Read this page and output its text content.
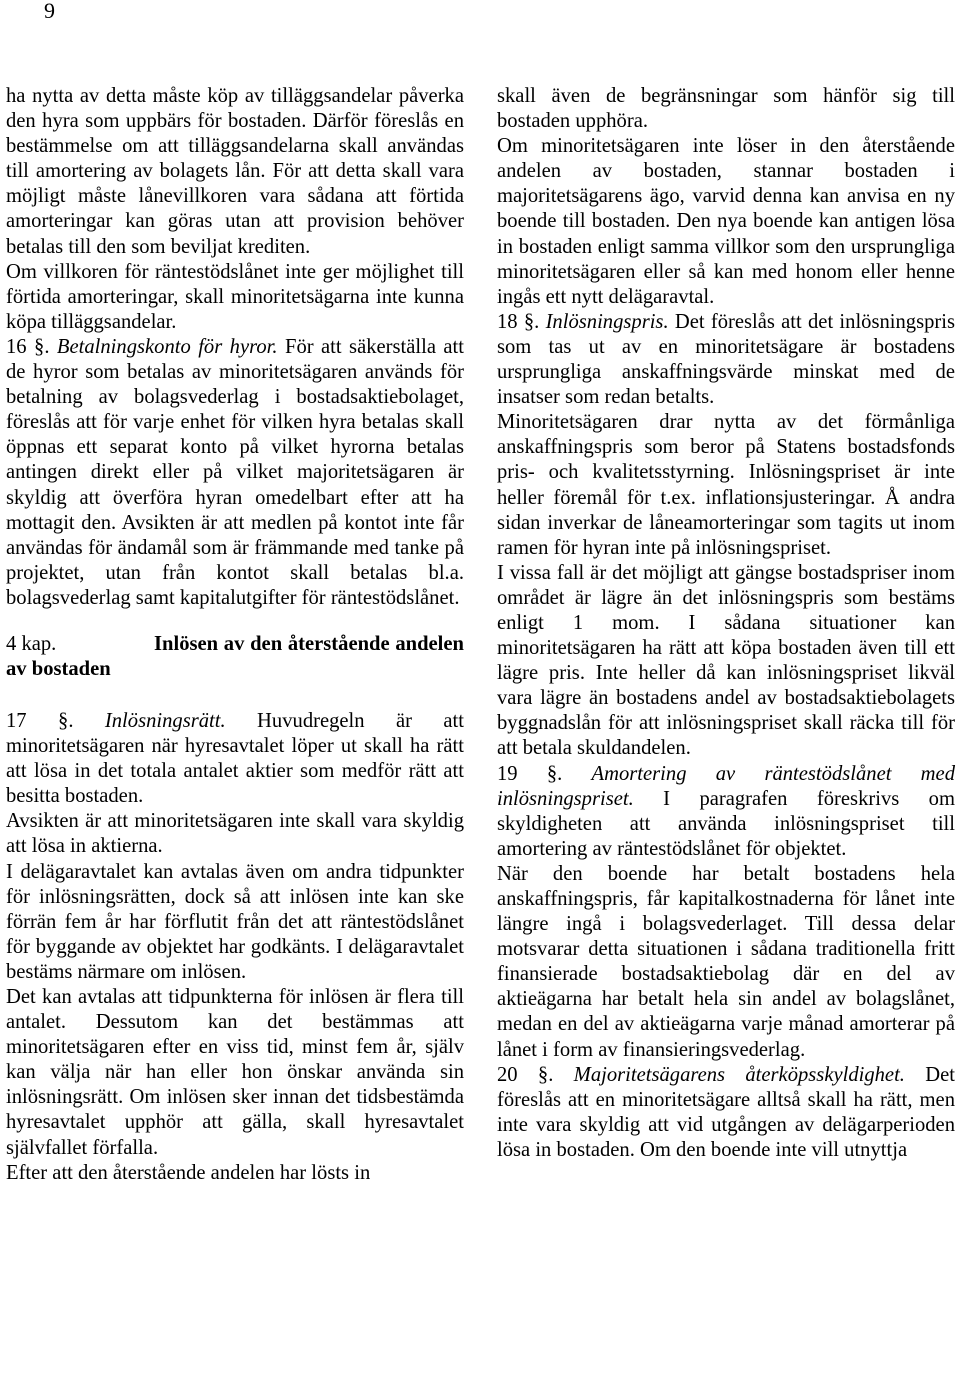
9

ha nytta av detta måste köp av tilläggsandelar påverka den hyra som uppbärs för bostaden. Därför föreslås en bestämmelse om att tilläggsandelarna skall användas till amortering av bolagets lån. För att detta skall vara möjligt måste lånevillkoren vara sådana att förtida amorteringar kan göras utan att provision behöver betalas till den som beviljat krediten.

Om villkoren för räntestödslånet inte ger möjlighet till förtida amorteringar, skall minoritetsägarna inte kunna köpa tilläggsandelar.

16 §. Betalningskonto för hyror. För att säkerställa att de hyror som betalas av minoritetsägaren används för betalning av bolagsvederlag i bostadsaktiebolaget, föreslås att för varje enhet för vilken hyra betalas skall öppnas ett separat konto på vilket hyrorna betalas antingen direkt eller på vilket majoritetsägaren är skyldig att överföra hyran omedelbart efter att ha mottagit den. Avsikten är att medlen på kontot inte får användas för ändamål som är främmande med tanke på projektet, utan från kontot skall betalas bl.a. bolagsvederlag samt kapitalutgifter för räntestödslånet.

4 kap.	Inlösen av den återstående andelen av bostaden

17 §. Inlösningsrätt. Huvudregeln är att minoritetsägaren när hyresavtalet löper ut skall ha rätt att lösa in det totala antalet aktier som medför rätt att besitta bostaden.

Avsikten är att minoritetsägaren inte skall vara skyldig att lösa in aktierna.

I delägaravtalet kan avtalas även om andra tidpunkter för inlösningsrätten, dock så att inlösen inte kan ske förrän fem år har förflutit från det att räntestödslånet för byggande av objektet har godkänts. I delägaravtalet bestäms närmare om inlösen.

Det kan avtalas att tidpunkterna för inlösen är flera till antalet. Dessutom kan det bestämmas att minoritetsägaren efter en viss tid, minst fem år, själv kan välja när han eller hon önskar använda sin inlösningsrätt. Om inlösen sker innan det tidsbestämda hyresavtalet upphör att gälla, skall hyresavtalet självfallet förfalla.

Efter att den återstående andelen har lösts in

skall även de begränsningar som hänför sig till bostaden upphöra.

Om minoritetsägaren inte löser in den återstående andelen av bostaden, stannar bostaden i majoritetsägarens ägo, varvid denna kan anvisa en ny boende till bostaden. Den nya boende kan antigen lösa in bostaden enligt samma villkor som den ursprungliga minoritetsägaren eller så kan med honom eller henne ingås ett nytt delägaravtal.

18 §. Inlösningspris. Det föreslås att det inlösningspris som tas ut av en minoritetsägare är bostadens ursprungliga anskaffningsvärde minskat med de insatser som redan betalts.

Minoritetsägaren drar nytta av det förmånliga anskaffningspris som beror på Statens bostadsfonds pris- och kvalitetsstyrning. Inlösningspriset är inte heller föremål för t.ex. inflationsjusteringar. Å andra sidan inverkar de låneamorteringar som tagits ut inom ramen för hyran inte på inlösningspriset.

I vissa fall är det möjligt att gängse bostadspriser inom området är lägre än det inlösningspris som bestäms enligt 1 mom. I sådana situationer kan minoritetsägaren ha rätt att köpa bostaden även till ett lägre pris. Inte heller då kan inlösningspriset likväl vara lägre än bostadens andel av bostadsaktiebolagets byggnadslån för att inlösningspriset skall räcka till för att betala skuldandelen.

19 §. Amortering av räntestödslånet med inlösningspriset. I paragrafen föreskrivs om skyldigheten att använda inlösningspriset till amortering av räntestödslånet för objektet.

När den boende har betalt bostadens hela anskaffningspris, får kapitalkostnaderna för lånet inte längre ingå i bolagsvederlaget. Till dessa delar motsvarar detta situationen i sådana traditionella fritt finansierade bostadsaktiebolag där en del av aktieägarna har betalt hela sin andel av bolagslånet, medan en del av aktieägarna varje månad amorterar på lånet i form av finansieringsvederlag.

20 §. Majoritetsägarens återköpsskyldighet. Det föreslås att en minoritetsägare alltså skall ha rätt, men inte vara skyldig att vid utgången av delägarperioden lösa in bostaden. Om den boende inte vill utnyttja
